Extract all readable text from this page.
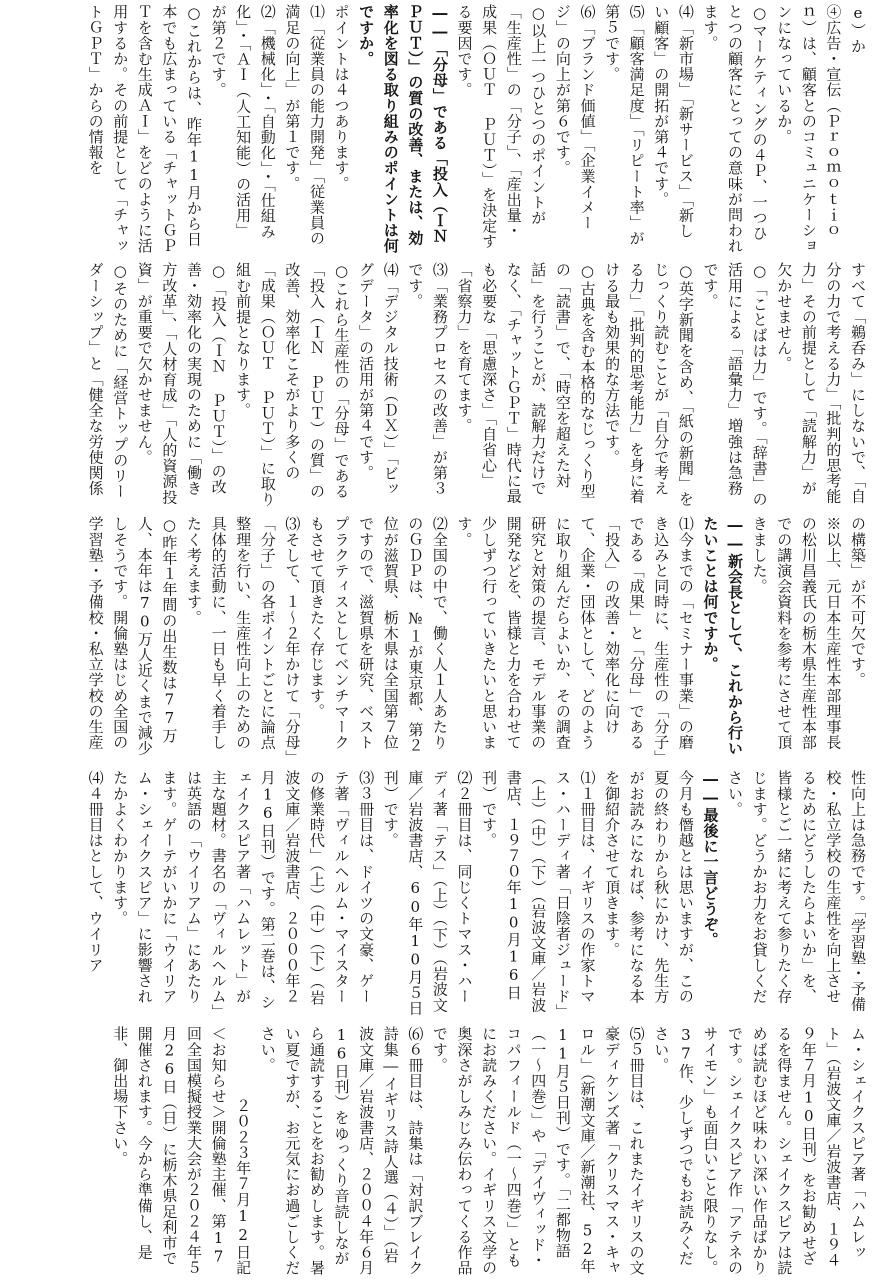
e）か

④広告・宣伝（Ｐｒｏｍｏｔｉｏｎ）は、顧客とのコミュニケーションになっているか。

○マーケティングの４Ｐ、一つひとつの顧客にとっての意味が問われます。

⑷「新市場」「新サービス」「新しい顧客」の開拓が第４です。

⑸「顧客満足度」「リピート率」が第５です。

⑹「ブランド価値」「企業イメージ」の向上が第６です。

○以上一つひとつのポイントが「生産性」の「分子」、「産出量・成果（ＯＵＴ ＰＵＴ）」を決定する要因です。

――「分母」である「投入（ＩＮＰＵＴ）」の質の改善、または、効率化を図る取り組みのポイントは何ですか。

ポイントは４つあります。

⑴「従業員の能力開発」「従業員の満足の向上」が第１です。

⑵「機械化」・「自動化」・「仕組み化」・「ＡＩ（人工知能）の活用」が第２です。

○これからは、昨年11月から日本でも広まっている「チャットＧＰＴを含む生成ＡＩ」をどのように活用するか。その前提として「チャットＧＰＴ」からの情報を

すべて「鵜呑み」にしないで、「自分の力で考える力」「批判的思考能力」その前提として「読解力」が欠かせません。

○「ことばは力」です。「辞書」の活用による「語彙力」増強は急務です。

○英字新聞を含め、「紙の新聞」をじっくり読むことが「自分で考える力」「批判的思考能力」を身に着ける最も効果的な方法です。

○古典を含む本格的なじっくり型の「読書」で、「時空を超えた対話」を行うことが、読解力だけでなく、「チャットＧＰＴ」時代に最も必要な「思慮深さ」「自省心」「省察力」を育てます。

⑶「業務プロセスの改善」が第３です。

⑷「デジタル技術（ＤＸ）」「ビッグデータ」の活用が第４です。

○これら生産性の「分母」である「投入（ＩＮ ＰＵＴ）の質」の改善、効率化こそがより多くの「成果（ＯＵＴ ＰＵＴ）」に取り組む前提となります。

○「投入（ＩＮ ＰＵＴ）」の改善・効率化の実現のために「働き方改革」、「人材育成」「人的資源投資」が重要で欠かせません。

○そのために「経営トップのリーダーシップ」と「健全な労使関係

の構築」が不可欠です。

※以上、元日本生産性本部理事長の松川昌義氏の栃木県生産性本部での講演会資料を参考にさせて頂きました。

――新会長として、これから行いたいことは何ですか。

⑴今までの「セミナー事業」の磨き込みと同時に、生産性の「分子」である「成果」と「分母」である「投入」の改善・効率化に向けて、企業・団体として、どのように取り組んだらよいか、その調査研究と対策の提言、モデル事業の開発などを、皆様と力を合わせて少しずつ行っていきたいと思います。

⑵全国の中で、働く人１人あたりのＧＤＰは、№１が東京都、第２位が滋賀県、栃木県は全国第７位ですので、滋賀県を研究、ベストプラクティスとしてベンチマークもさせて頂きたく存じます。

⑶そして、１～２年かけて「分母」「分子」の各ポイントごとに論点整理を行い、生産性向上のための具体的活動に、一日も早く着手したく考えます。

○昨年１年間の出生数は77万人、本年は70万人近くまで減少しそうです。開倫塾はじめ全国の学習塾・予備校・私立学校の生産

性向上は急務です。「学習塾・予備校・私立学校の生産性を向上させるためにどうしたらよいか」を、皆様とご一緒に考えて参りたく存じます。どうかお力をお貸しください。

――最後に一言どうぞ。

今月も僭越とは思いますが、この夏の終わりから秋にかけ、先生方がお読みになれば、参考になる本を御紹介させて頂きます。

⑴１冊目は、イギリスの作家トマス・ハーディ著「日陰者ジュード」（上）（中）（下）（岩波文庫／岩波書店、１９７０年10月16日刊）です。

⑵２冊目は、同じくトマス・ハーディ著「テス」（上）（下）（岩波文庫／岩波書店、60年10月５日刊）です。

⑶３冊目は、ドイツの文豪、ゲーテ著「ヴィルヘルム・マイスターの修業時代」（上）（中）（下）（岩波文庫／岩波書店、２０００年２月16日刊）です。第二巻は、シェイクスピア著「ハムレット」が主な題材。書名の「ヴィルヘルム」は英語の「ウイリアム」にあたります。ゲーテがいかに「ウイリアム・シェイクスピア」に影響されたかよくわかります。

⑷４冊目はとして、ウイリア

ム・シェイクスピア著「ハムレット」（岩波文庫／岩波書店、１９４９年７月10日刊）をお勧めせざるを得ません。シェイクスピアは読めば読むほど味わい深い作品ばかりです。シェイクスピア作「アテネのサイモン」も面白いこと限りなし。37作、少しずつでもお読みください。

⑸５冊目は、これまたイギリスの文豪ディケンズ著「クリスマス・キャロル」（新潮文庫／新潮社、52年11月５日刊）です。「二都物語（一～四巻）」や「デイヴィッド・コパフィールド（一～四巻）」ともにお読みください。イギリス文学の奥深さがしみじみ伝わってくる作品です。

⑹６冊目は、詩集は「対訳ブレイク詩集―イギリス詩人選（４）」（岩波文庫／岩波書店、２００４年６月16日刊）をゆっくり音読しながら通読することをお勧めします。暑い夏ですが、お元気にお過ごしください。

２０２３年７月12日記

＜お知らせ＞開倫塾主催、第17回全国模擬授業大会が２０２４年５月26日（日）に栃木県足利市で開催されます。今から準備し、是非、御出場下さい。
